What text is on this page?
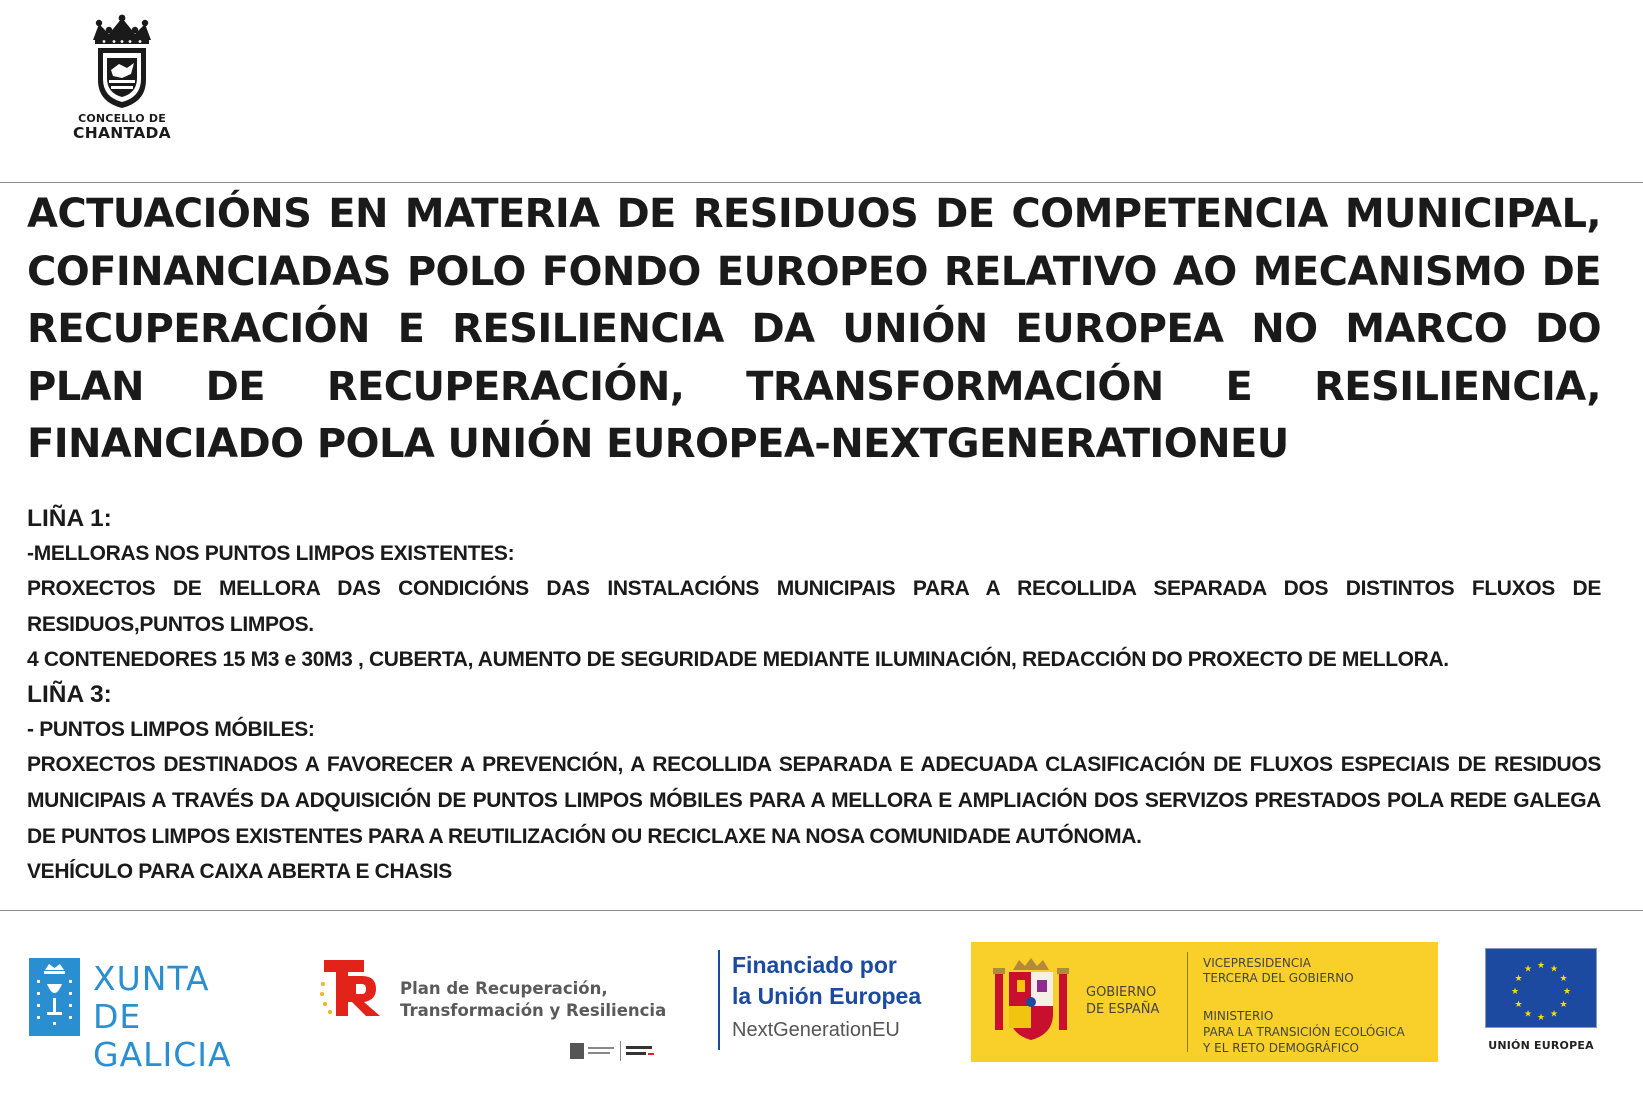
CONCELLO DE
CHANTADA
ACTUACIÓNS EN MATERIA DE RESIDUOS DE COMPETENCIA MUNICIPAL, COFINANCIADAS POLO FONDO EUROPEO RELATIVO AO MECANISMO DE RECUPERACIÓN E RESILIENCIA DA UNIÓN EUROPEA NO MARCO DO PLAN DE RECUPERACIÓN, TRANSFORMACIÓN E RESILIENCIA, FINANCIADO POLA UNIÓN EUROPEA-NEXTGENERATIONEU
LIÑA 1:
-MELLORAS NOS PUNTOS LIMPOS EXISTENTES:

PROXECTOS DE MELLORA DAS CONDICIÓNS DAS INSTALACIÓNS MUNICIPAIS PARA A RECOLLIDA SEPARADA DOS DISTINTOS FLUXOS DE RESIDUOS,PUNTOS LIMPOS.

4 CONTENEDORES 15 M3 e 30M3 , CUBERTA, AUMENTO DE SEGURIDADE MEDIANTE ILUMINACIÓN, REDACCIÓN DO PROXECTO DE MELLORA.

LIÑA 3:
- PUNTOS LIMPOS MÓBILES:

PROXECTOS DESTINADOS A FAVORECER A PREVENCIÓN, A RECOLLIDA SEPARADA E ADECUADA CLASIFICACIÓN DE FLUXOS ESPECIAIS DE RESIDUOS MUNICIPAIS A TRAVÉS DA ADQUISICIÓN DE PUNTOS LIMPOS MÓBILES PARA A MELLORA E AMPLIACIÓN DOS SERVIZOS PRESTADOS POLA REDE GALEGA DE PUNTOS LIMPOS EXISTENTES PARA A REUTILIZACIÓN OU RECICLAXE NA NOSA COMUNIDADE AUTÓNOMA.

VEHÍCULO PARA CAIXA ABERTA E CHASIS

XUNTA
DE GALICIA
Plan de Recuperación,
Transformación y Resiliencia
Financiado por
la Unión Europea
NextGenerationEU
GOBIERNO
DE ESPAÑA
VICEPRESIDENCIA
TERCERA DEL GOBIERNO
MINISTERIO
PARA LA TRANSICIÓN ECOLÓGICA
Y EL RETO DEMOGRÁFICO
★ ★
★
★
★
★
★
★
★
★
★
★
UNIÓN EUROPEA
